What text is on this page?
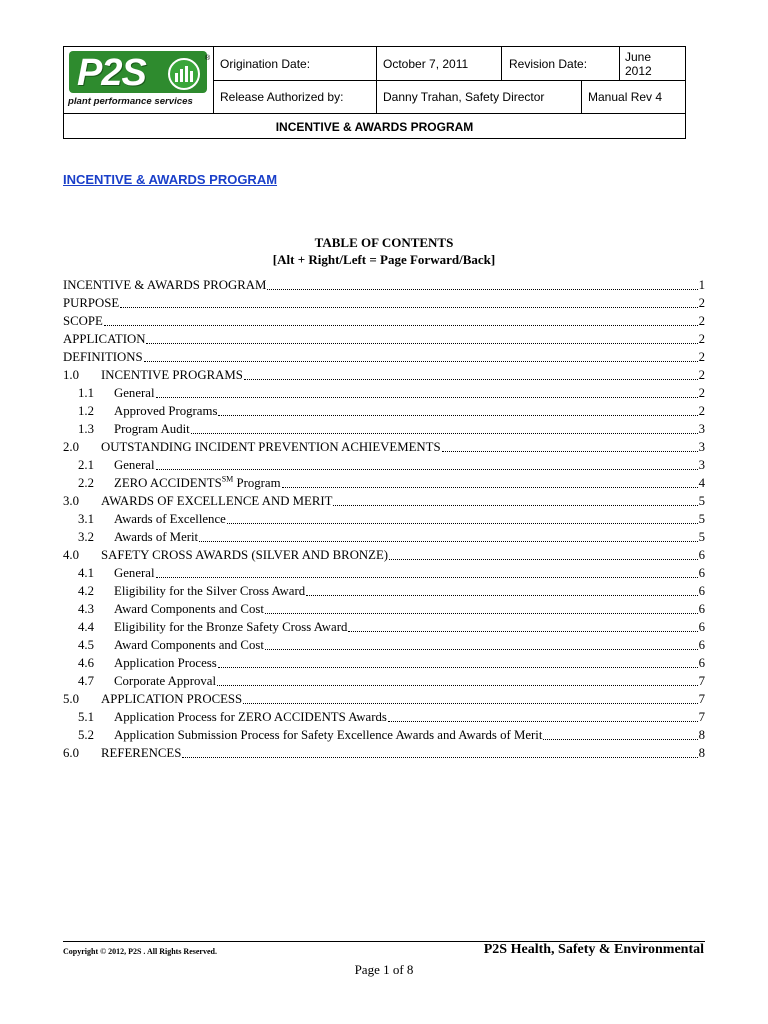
P2S	®
plant performance services
Origination Date:	October 7, 2011	Revision Date:	June 2012
Release Authorized by:	Danny Trahan, Safety Director	Manual Rev 4
INCENTIVE & AWARDS PROGRAM
INCENTIVE & AWARDS PROGRAM
TABLE OF CONTENTS
[Alt + Right/Left = Page Forward/Back]
INCENTIVE & AWARDS PROGRAM	1
PURPOSE	2
SCOPE	2
APPLICATION	2
DEFINITIONS	2
1.0	INCENTIVE PROGRAMS	2
1.1	General	2
1.2	Approved Programs	2
1.3	Program Audit	3
2.0	OUTSTANDING INCIDENT PREVENTION ACHIEVEMENTS	3
2.1	General	3
2.2	ZERO ACCIDENTS℠ Program	4
3.0	AWARDS OF EXCELLENCE AND MERIT	5
3.1	Awards of Excellence	5
3.2	Awards of Merit	5
4.0	SAFETY CROSS AWARDS (SILVER AND BRONZE)	6
4.1	General	6
4.2	Eligibility for the Silver Cross Award	6
4.3	Award Components and Cost	6
4.4	Eligibility for the Bronze Safety Cross Award	6
4.5	Award Components and Cost	6
4.6	Application Process	6
4.7	Corporate Approval	7
5.0	APPLICATION PROCESS	7
5.1	Application Process for ZERO ACCIDENTS Awards	7
5.2	Application Submission Process for Safety Excellence Awards and Awards of Merit	8
6.0	REFERENCES	8
Copyright © 2012, P2S . All Rights Reserved.	P2S Health, Safety & Environmental
Page 1 of 8
